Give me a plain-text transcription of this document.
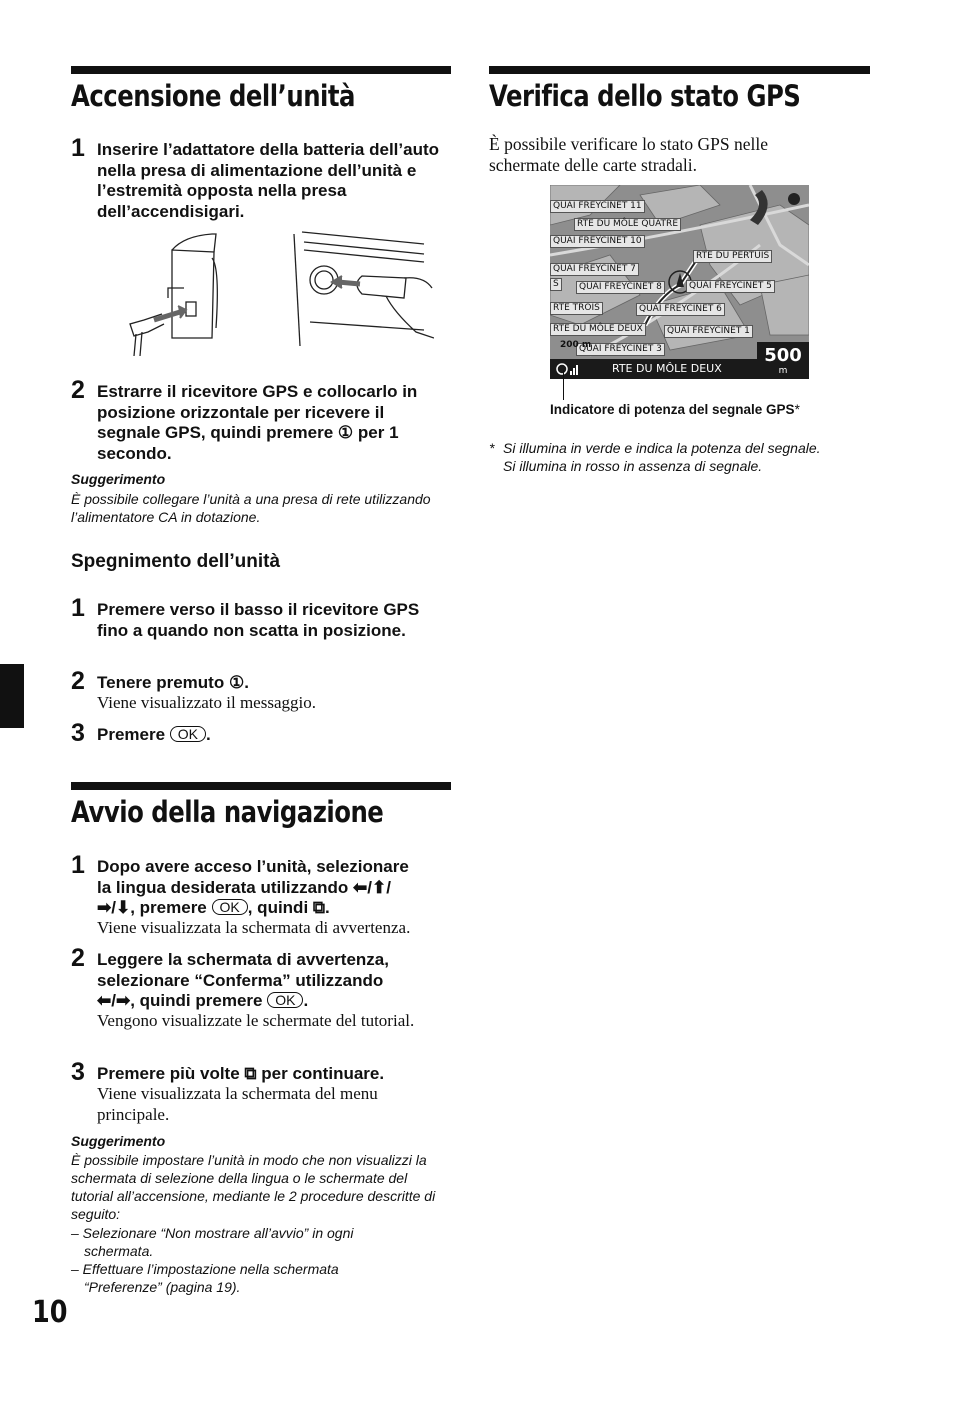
Accensione dell’unità
1 Inserire l’adattatore della batteria dell’auto nella presa di alimentazione dell’unità e l’estremità opposta nella presa dell’accendisigari.
2 Estrarre il ricevitore GPS e collocarlo in posizione orizzontale per ricevere il segnale GPS, quindi premere ① per 1 secondo.
Suggerimento
È possibile collegare l’unità a una presa di rete utilizzando l’alimentatore CA in dotazione.
Spegnimento dell’unità
1 Premere verso il basso il ricevitore GPS fino a quando non scatta in posizione.
2 Tenere premuto ①.
Viene visualizzato il messaggio.
3 Premere OK .
Avvio della navigazione
1 Dopo avere acceso l’unità, selezionare
la lingua desiderata utilizzando ⬅/⬆/
➡/⬇, premere OK , quindi ⧉.
Viene visualizzata la schermata di avvertenza.
2 Leggere la schermata di avvertenza,
selezionare “Conferma” utilizzando
⬅/➡, quindi premere OK .
Vengono visualizzate le schermate del tutorial.
3 Premere più volte ⧉ per continuare.
Viene visualizzata la schermata del menu principale.
Suggerimento
È possibile impostare l’unità in modo che non visualizzi la schermata di selezione della lingua o le schermate del tutorial all’accensione, mediante le 2 procedure descritte di seguito:
– Selezionare “Non mostrare all’avvio” in ogni schermata.
– Effettuare l’impostazione nella schermata “Preferenze” (pagina 19).
10
Verifica dello stato GPS
È possibile verificare lo stato GPS nelle schermate delle carte stradali.
QUAI FREYCINET 11
RTE DU MÔLE QUATRE
QUAI FREYCINET 10
RTE DU PERTUIS
QUAI FREYCINET 7
QUAI FREYCINET 8	QUAI FREYCINET 5
S
RTE TROIS	QUAI FREYCINET 6
RTE DU MÔLE DEUX	QUAI FREYCINET 1
QUAI FREYCINET 3
200 m
RTE DU MÔLE DEUX
500
m
Indicatore di potenza del segnale GPS*
* Si illumina in verde e indica la potenza del segnale.
Si illumina in rosso in assenza di segnale.
